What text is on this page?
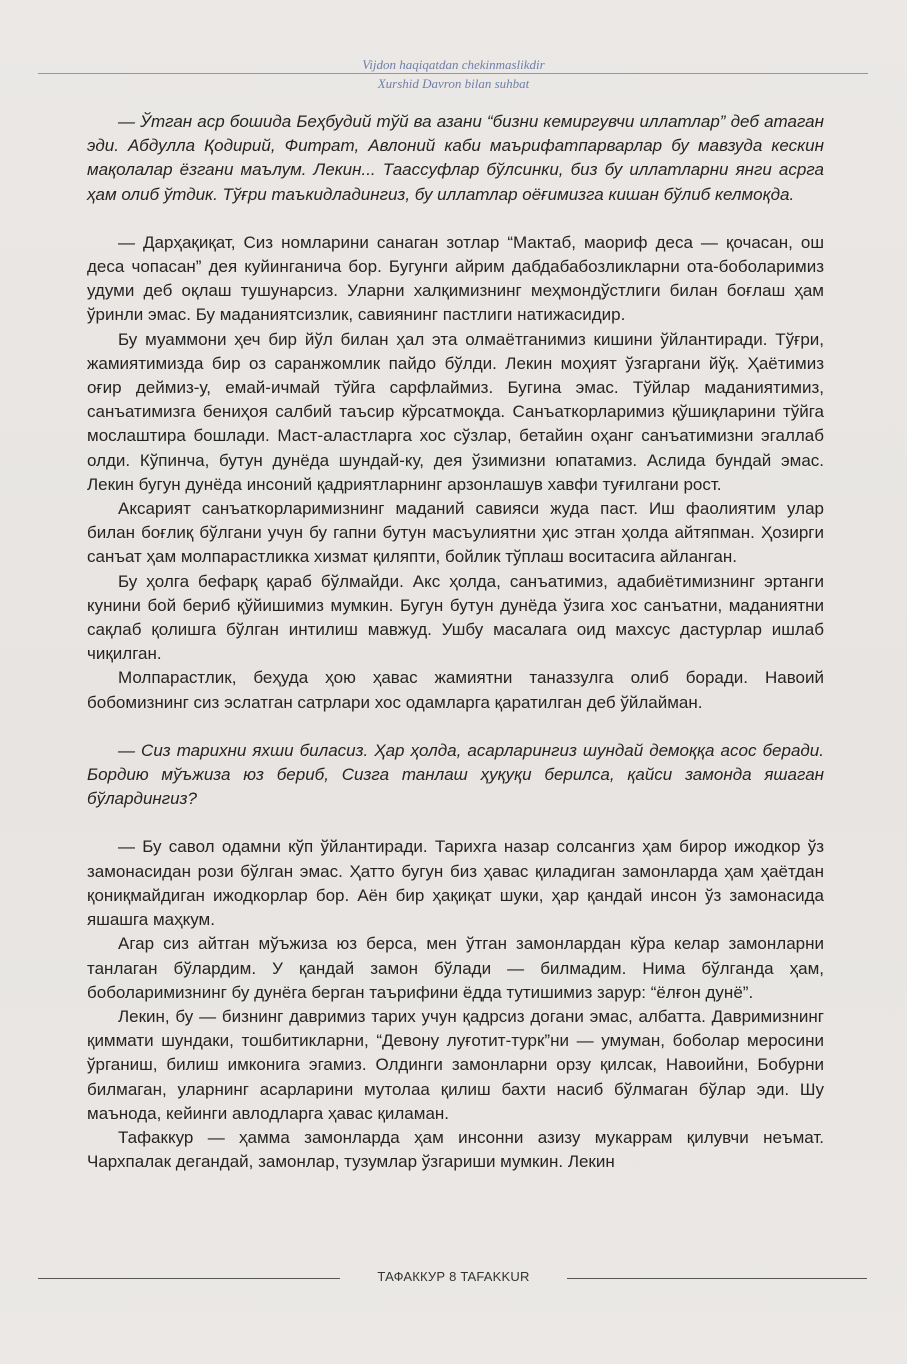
Vijdon haqiqatdan chekinmaslikdir
Xurshid Davron bilan suhbat

— Ўтган аср бошида Беҳбудий тўй ва азани “бизни кемиргувчи иллатлар” деб атаган эди. Абдулла Қодирий, Фитрат, Авлоний каби маърифатпарварлар бу мавзуда кескин мақолалар ёзгани маълум. Лекин... Таассуфлар бўлсинки, биз бу иллатларни янги асрга ҳам олиб ўтдик. Тўғри таъкидладингиз, бу иллатлар оёғимизга кишан бўлиб келмоқда.

— Дарҳақиқат, Сиз номларини санаган зотлар “Мактаб, маориф деса — қочасан, ош деса чопасан” дея куйинганича бор. Бугунги айрим дабдабабозликларни ота-боболаримиз удуми деб оқлаш тушунарсиз. Уларни халқимизнинг меҳмондўстлиги билан боғлаш ҳам ўринли эмас. Бу маданиятсизлик, савиянинг пастлиги натижасидир.

Бу муаммони ҳеч бир йўл билан ҳал эта олмаётганимиз кишини ўйлантиради. Тўғри, жамиятимизда бир оз саранжомлик пайдо бўлди. Лекин моҳият ўзгаргани йўқ. Ҳаётимиз оғир деймиз-у, емай-ичмай тўйга сарфлаймиз. Бугина эмас. Тўйлар маданиятимиз, санъатимизга бениҳоя салбий таъсир кўрсатмоқда. Санъаткорларимиз қўшиқларини тўйга мослаштира бошлади. Маст-аластларга хос сўзлар, бетайин оҳанг санъатимизни эгаллаб олди. Кўпинча, бутун дунёда шундай-ку, дея ўзимизни юпатамиз. Аслида бундай эмас. Лекин бугун дунёда инсоний қадриятларнинг арзонлашув хавфи туғилгани рост.

Аксарият санъаткорларимизнинг маданий савияси жуда паст. Иш фаолиятим улар билан боғлиқ бўлгани учун бу гапни бутун масъулиятни ҳис этган ҳолда айтяпман. Ҳозирги санъат ҳам молпарастликка хизмат қиляпти, бойлик тўплаш воситасига айланган.

Бу ҳолга бефарқ қараб бўлмайди. Акс ҳолда, санъатимиз, адабиётимизнинг эртанги кунини бой бериб қўйишимиз мумкин. Бугун бутун дунёда ўзига хос санъатни, маданиятни сақлаб қолишга бўлган интилиш мавжуд. Ушбу масалага оид махсус дастурлар ишлаб чиқилган.

Молпарастлик, беҳуда ҳою ҳавас жамиятни таназзулга олиб боради. Навоий бобомизнинг сиз эслатган сатрлари хос одамларга қаратилган деб ўйлайман.

— Сиз тарихни яхши биласиз. Ҳар ҳолда, асарларингиз шундай демоққа асос беради. Бордию мўъжиза юз бериб, Сизга танлаш ҳуқуқи берилса, қайси замонда яшаган бўлардингиз?

— Бу савол одамни кўп ўйлантиради. Тарихга назар солсангиз ҳам бирор ижодкор ўз замонасидан рози бўлган эмас. Ҳатто бугун биз ҳавас қиладиган замонларда ҳам ҳаётдан қониқмайдиган ижодкорлар бор. Аён бир ҳақиқат шуки, ҳар қандай инсон ўз замонасида яшашга маҳкум.

Агар сиз айтган мўъжиза юз берса, мен ўтган замонлардан кўра келар замонларни танлаган бўлардим. У қандай замон бўлади — билмадим. Нима бўлганда ҳам, боболаримизнинг бу дунёга берган таърифини ёдда тутишимиз зарур: “ёлғон дунё”.

Лекин, бу — бизнинг давримиз тарих учун қадрсиз догани эмас, албатта. Давримизнинг қиммати шундаки, тошбитикларни, “Девону луғотит-турк”ни — умуман, боболар меросини ўрганиш, билиш имконига эгамиз. Олдинги замонларни орзу қилсак, Навоийни, Бобурни билмаган, уларнинг асарларини мутолаа қилиш бахти насиб бўлмаган бўлар эди. Шу маънода, кейинги авлодларга ҳавас қиламан.

Тафаккур — ҳамма замонларда ҳам инсонни азизу мукаррам қилувчи неъмат. Чархпалак дегандай, замонлар, тузумлар ўзгариши мумкин. Лекин

ТАФАККУР 8 TAFAKKUR
